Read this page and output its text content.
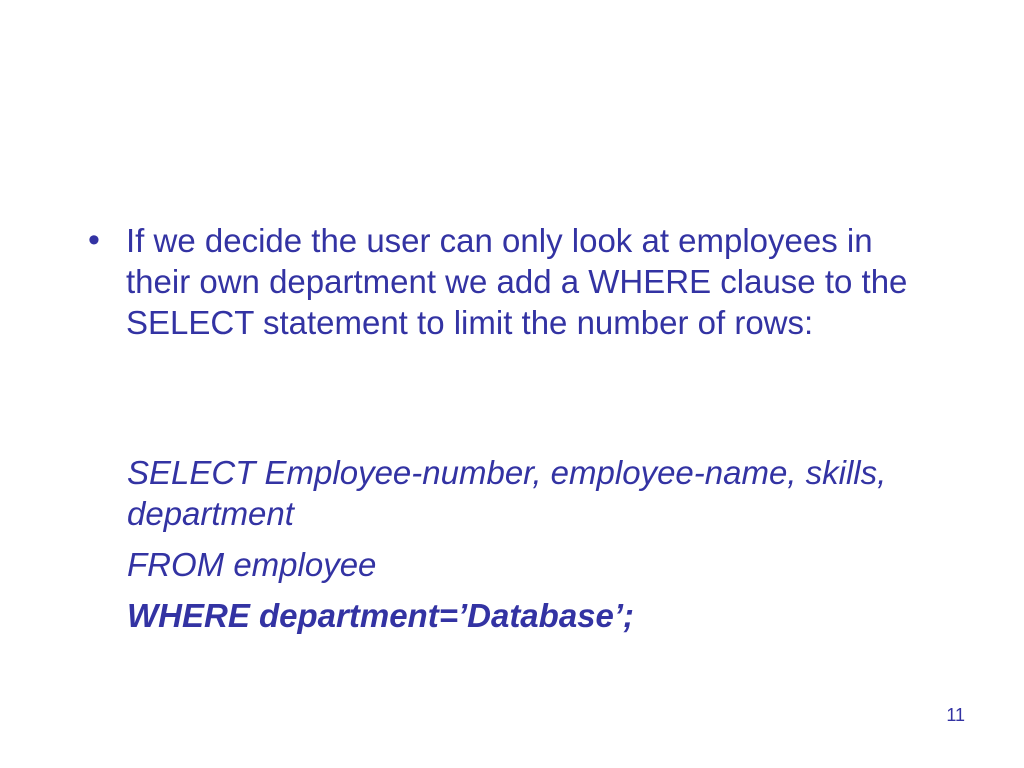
• If we decide the user can only look at employees in their own department we add a WHERE clause to the SELECT statement to limit the number of rows:
SELECT Employee-number, employee-name, skills, department
FROM employee
WHERE department=’Database’;
11
